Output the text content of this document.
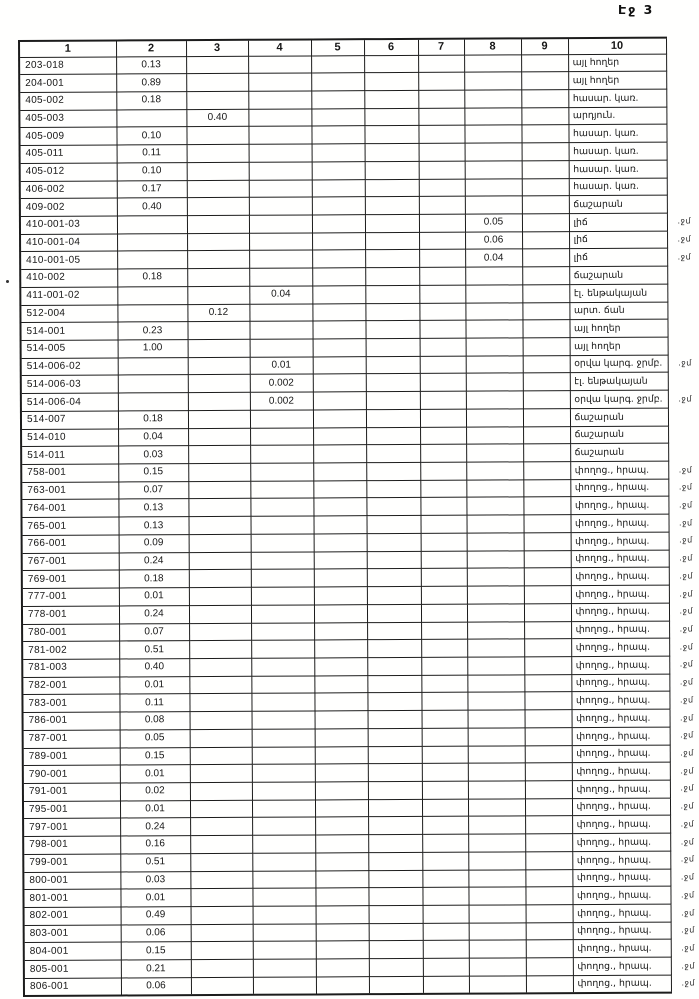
Էջ 3
1	2	3	4	5	6	7	8	9	10	
203-018	0.13								այլ հողեր	
204-001	0.89								այլ հողեր	
405-002	0.18								հասար. կառ.	
405-003		0.40							արդյուն.	
405-009	0.10								հասար. կառ.	
405-011	0.11								հասար. կառ.	
405-012	0.10								հասար. կառ.	
406-002	0.17								հասար. կառ.	
409-002	0.40								ճաշարան	
410-001-03							0.05		լիճ	.ջմ
410-001-04							0.06		լիճ	.ջմ
410-001-05							0.04		լիճ	.ջմ
410-002	0.18								ճաշարան	
411-001-02			0.04						էլ. ենթակայան	
512-004		0.12							արտ. ճան	
514-001	0.23								այլ հողեր	
514-005	1.00								այլ հողեր	
514-006-02			0.01						օրվա կարգ. ջրմբ.	.ջմ
514-006-03			0.002						էլ. ենթակայան	
514-006-04			0.002						օրվա կարգ. ջրմբ.	.ջմ
514-007	0.18								ճաշարան	
514-010	0.04								ճաշարան	
514-011	0.03								ճաշարան	
758-001	0.15								փողոց., հրապ.	.ջմ
763-001	0.07								փողոց., հրապ.	.ջմ
764-001	0.13								փողոց., հրապ.	.ջմ
765-001	0.13								փողոց., հրապ.	.ջմ
766-001	0.09								փողոց., հրապ.	.ջմ
767-001	0.24								փողոց., հրապ.	.ջմ
769-001	0.18								փողոց., հրապ.	.ջմ
777-001	0.01								փողոց., հրապ.	.ջմ
778-001	0.24								փողոց., հրապ.	.ջմ
780-001	0.07								փողոց., հրապ.	.ջմ
781-002	0.51								փողոց., հրապ.	.ջմ
781-003	0.40								փողոց., հրապ.	.ջմ
782-001	0.01								փողոց., հրապ.	.ջմ
783-001	0.11								փողոց., հրապ.	.ջմ
786-001	0.08								փողոց., հրապ.	.ջմ
787-001	0.05								փողոց., հրապ.	.ջմ
789-001	0.15								փողոց., հրապ.	.ջմ
790-001	0.01								փողոց., հրապ.	.ջմ
791-001	0.02								փողոց., հրապ.	.ջմ
795-001	0.01								փողոց., հրապ.	.ջմ
797-001	0.24								փողոց., հրապ.	.ջմ
798-001	0.16								փողոց., հրապ.	.ջմ
799-001	0.51								փողոց., հրապ.	.ջմ
800-001	0.03								փողոց., հրապ.	.ջմ
801-001	0.01								փողոց., հրապ.	.ջմ
802-001	0.49								փողոց., հրապ.	.ջմ
803-001	0.06								փողոց., հրապ.	.ջմ
804-001	0.15								փողոց., հրապ.	.ջմ
805-001	0.21								փողոց., հրապ.	.ջմ
806-001	0.06								փողոց., հրապ.	.ջմ
